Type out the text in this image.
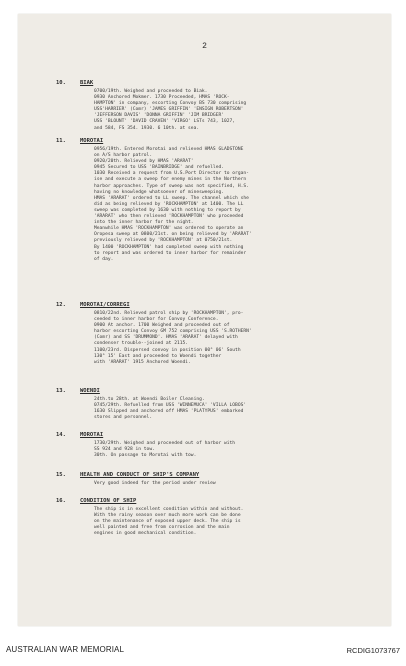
2
10.	BIAK
0700/19th. Weighed and proceeded to Biak.
0930 Anchored Mokmer. 1730 Proceeded, HMAS 'ROCK-
HAMPTON' in company, escorting Convoy BS 730 comprising
USS'HARRIER' (Comr) 'JAMES GRIFFIN' 'ENSIGN ROBERTSON'
'JEFFERSON DAVIS' 'DONNA GRIFFIN' 'JIM BRIDGER'
USS 'BLOUNT' 'DAVID CRAVEN' 'VIRGO' LSTs 743, 1027,
and 584, FS 354. 1930. 6 10th. at sea.
11.	MOROTAI
0956/19th. Entered Morotai and relieved HMAS GLADSTONE
on A/S harbor patrol.
0920/20th. Relieved by HMAS 'ARARAT'
0945 Secured to USS 'BAINBRIDGE' and refuelled.
1030 Received a request from U.S.Port Director to organ-
ise and execute a sweep for enemy mines in the Northern
harbor approaches. Type of sweep was not specified, H.S.
having no knowledge whatsoever of minesweeping.
HMAS 'ARARAT' ordered to LL sweep. The channel which she
did as being relieved by 'ROCKHAMPTON' at 1400. The LL
sweep was completed by 1630 with nothing to report by
'ARARAT' who then relieved 'ROCKHAMPTON' who proceeded
into the inner harbor for the night.
Meanwhile HMAS 'ROCKHAMPTON' was ordered to operate an
Oropesa sweep at 0800/21st. on being relieved by 'ARARAT'
previously relieved by 'ROCKHAMPTON' at 0750/21st.
By 1400 'ROCKHAMPTON' had completed sweep with nothing
to report and was ordered to inner harbor for remainder
of day.
12.	MOROTAI/CORREGI
0810/22nd. Relieved patrol ship by 'ROCKHAMPTON', pro-
ceeded to inner harbor for Convoy Conference.
0900 At anchor. 1700 Weighed and proceeded out of
harbor escorting Convoy GM 752 comprising USS 'S.ROTHERN'
(Comr) and SS 'DRUMMOND'. HMAS 'ARARAT' delayed with
condenser trouble--joined at 2115.
1100/23rd. Dispersed convoy in position 00° 06' South
130° 15' East and proceeded to Woendi together
with 'ARARAT' 1915 Anchored Woendi.
13.	WOENDI
24th.to 28th. at Woendi Boiler Cleaning.
0745/29th. Refuelled from USS 'WINNEMUCA' 'VILLA LOBOS'
1630 Slipped and anchored off HMAS 'PLATYPUS' embarked
stores and personnel.
14.	MOROTAI
1730/29th. Weighed and proceeded out of harbor with
SS 924 and 928 in tow.
30th. On passage to Morotai with tow.
15.	HEALTH AND CONDUCT OF SHIP'S COMPANY
Very good indeed for the period under review
16.	CONDITION OF SHIP
The ship is in excellent condition within and without.
With the rainy season over much more work can be done
on the maintenance of exposed upper deck. The ship is
well painted and free from corrosion and the main
engines in good mechanical condition.
AUSTRALIAN WAR MEMORIAL	RCDIG1073767
